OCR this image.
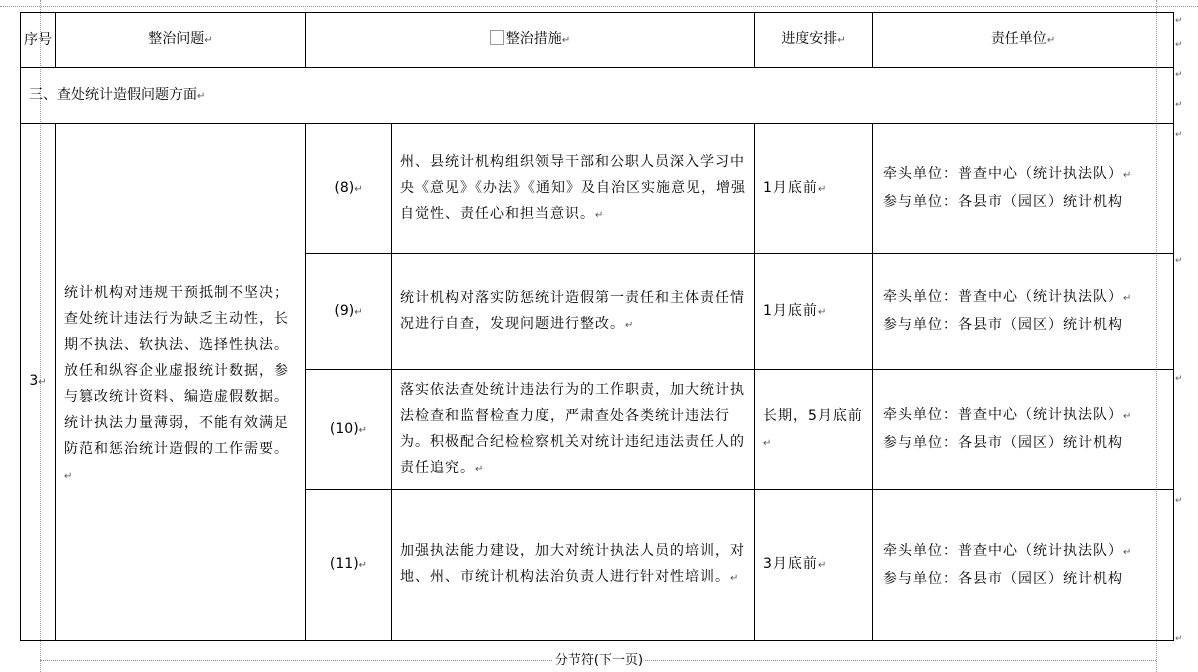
序号	整治问题↵	整治措施↵		进度安排↵	责任单位↵
三、查处统计造假问题方面↵					
3↵	统计机构对违规干预抵制不坚决；查处统计违法行为缺乏主动性，长期不执法、软执法、选择性执法。放任和纵容企业虚报统计数据，参与篡改统计资料、编造虚假数据。统计执法力量薄弱，不能有效满足防范和惩治统计造假的工作需要。↵	(8)↵	州、县统计机构组织领导干部和公职人员深入学习中央《意见》《办法》《通知》及自治区实施意见，增强自觉性、责任心和担当意识。↵	1月底前↵	牵头单位：普查中心（统计执法队）↵
参与单位：各县市（园区）统计机构

		(9)↵	统计机构对落实防惩统计造假第一责任和主体责任情况进行自查，发现问题进行整改。↵	1月底前↵	牵头单位：普查中心（统计执法队）↵
参与单位：各县市（园区）统计机构

		(10)↵	落实依法查处统计违法行为的工作职责，加大统计执法检查和监督检查力度，严肃查处各类统计违法行为。积极配合纪检检察机关对统计违纪违法责任人的责任追究。↵	长期，5月底前↵	牵头单位：普查中心（统计执法队）↵
参与单位：各县市（园区）统计机构

		(11)↵	加强执法能力建设，加大对统计执法人员的培训，对地、州、市统计机构法治负责人进行针对性培训。↵	3月底前↵	牵头单位：普查中心（统计执法队）↵
参与单位：各县市（园区）统计机构
↵
↵
↵
↵
↵
↵
↵
↵
↵
分节符(下一页)
